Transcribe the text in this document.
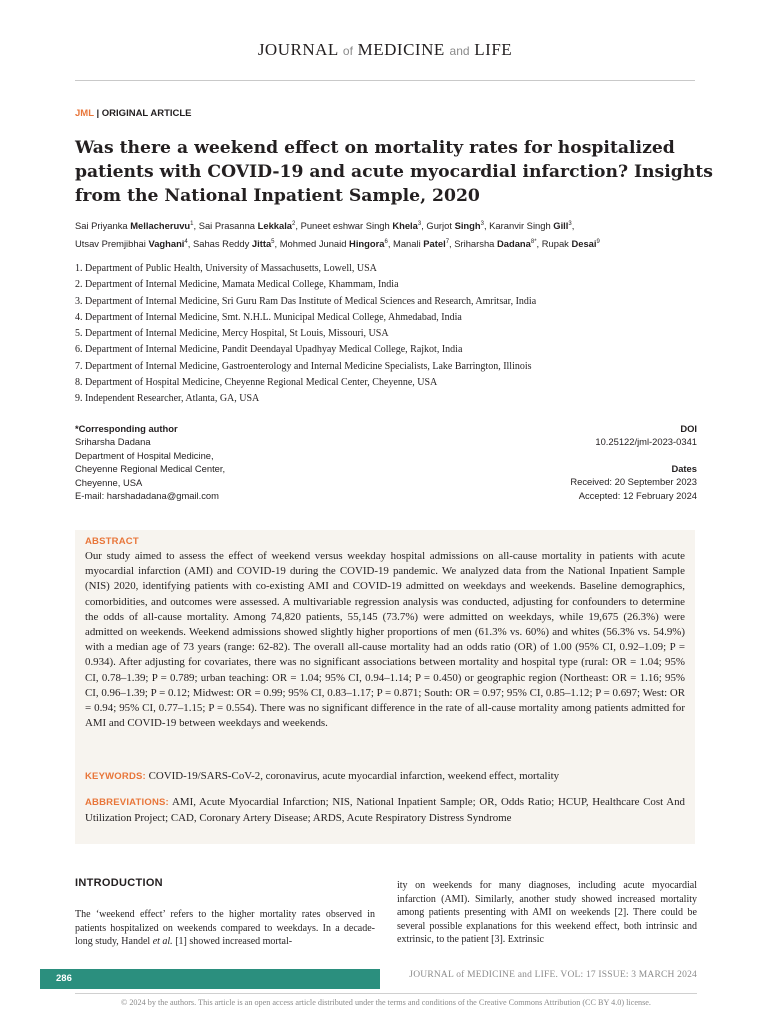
JOURNAL of MEDICINE and LIFE
JML | ORIGINAL ARTICLE
Was there a weekend effect on mortality rates for hospitalized patients with COVID-19 and acute myocardial infarction? Insights from the National Inpatient Sample, 2020
Sai Priyanka Mellacheruvu$^1$, Sai Prasanna Lekkala$^2$, Puneet eshwar Singh Khela$^3$, Gurjot Singh$^3$, Karanvir Singh Gill$^3$,
Utsav Premjibhai Vaghani$^4$, Sahas Reddy Jitta$^5$, Mohmed Junaid Hingora$^6$, Manali Patel$^7$, Sriharsha Dadana$^{8*}$, Rupak Desai$^9$
1. Department of Public Health, University of Massachusetts, Lowell, USA
2. Department of Internal Medicine, Mamata Medical College, Khammam, India
3. Department of Internal Medicine, Sri Guru Ram Das Institute of Medical Sciences and Research, Amritsar, India
4. Department of Internal Medicine, Smt. N.H.L. Municipal Medical College, Ahmedabad, India
5. Department of Internal Medicine, Mercy Hospital, St Louis, Missouri, USA
6. Department of Internal Medicine, Pandit Deendayal Upadhyay Medical College, Rajkot, India
7. Department of Internal Medicine, Gastroenterology and Internal Medicine Specialists, Lake Barrington, Illinois
8. Department of Hospital Medicine, Cheyenne Regional Medical Center, Cheyenne, USA
9. Independent Researcher, Atlanta, GA, USA
*Corresponding author
Sriharsha Dadana
Department of Hospital Medicine,
Cheyenne Regional Medical Center,
Cheyenne, USA
E-mail: harshadadana@gmail.com
DOI
10.25122/jml-2023-0341
Dates
Received: 20 September 2023
Accepted: 12 February 2024
ABSTRACT
Our study aimed to assess the effect of weekend versus weekday hospital admissions on all-cause mortality in patients with acute myocardial infarction (AMI) and COVID-19 during the COVID-19 pandemic. We analyzed data from the National Inpatient Sample (NIS) 2020, identifying patients with co-existing AMI and COVID-19 admitted on weekdays and weekends. Baseline demographics, comorbidities, and outcomes were assessed. A multivariable regression analysis was conducted, adjusting for confounders to determine the odds of all-cause mortality. Among 74,820 patients, 55,145 (73.7%) were admitted on weekdays, while 19,675 (26.3%) were admitted on weekends. Weekend admissions showed slightly higher proportions of men (61.3% vs. 60%) and whites (56.3% vs. 54.9%) with a median age of 73 years (range: 62-82). The overall all-cause mortality had an odds ratio (OR) of 1.00 (95% CI, 0.92–1.09; P = 0.934). After adjusting for covariates, there was no significant associations between mortality and hospital type (rural: OR = 1.04; 95% CI, 0.78–1.39; P = 0.789; urban teaching: OR = 1.04; 95% CI, 0.94–1.14; P = 0.450) or geographic region (Northeast: OR = 1.16; 95% CI, 0.96–1.39; P = 0.12; Midwest: OR = 0.99; 95% CI, 0.83–1.17; P = 0.871; South: OR = 0.97; 95% CI, 0.85–1.12; P = 0.697; West: OR = 0.94; 95% CI, 0.77–1.15; P = 0.554). There was no significant difference in the rate of all-cause mortality among patients admitted for AMI and COVID-19 between weekdays and weekends.
KEYWORDS: COVID-19/SARS-CoV-2, coronavirus, acute myocardial infarction, weekend effect, mortality
ABBREVIATIONS: AMI, Acute Myocardial Infarction; NIS, National Inpatient Sample; OR, Odds Ratio; HCUP, Healthcare Cost And Utilization Project; CAD, Coronary Artery Disease; ARDS, Acute Respiratory Distress Syndrome
INTRODUCTION
The ‘weekend effect’ refers to the higher mortality rates observed in patients hospitalized on weekends compared to weekdays. In a decade-long study, Handel et al. [1] showed increased mortal-
ity on weekends for many diagnoses, including acute myocardial infarction (AMI). Similarly, another study showed increased mortality among patients presenting with AMI on weekends [2]. There could be several possible explanations for this weekend effect, both intrinsic and extrinsic, to the patient [3]. Extrinsic
286	JOURNAL of MEDICINE and LIFE. VOL: 17 ISSUE: 3 MARCH 2024
© 2024 by the authors. This article is an open access article distributed under the terms and conditions of the Creative Commons Attribution (CC BY 4.0) license.
